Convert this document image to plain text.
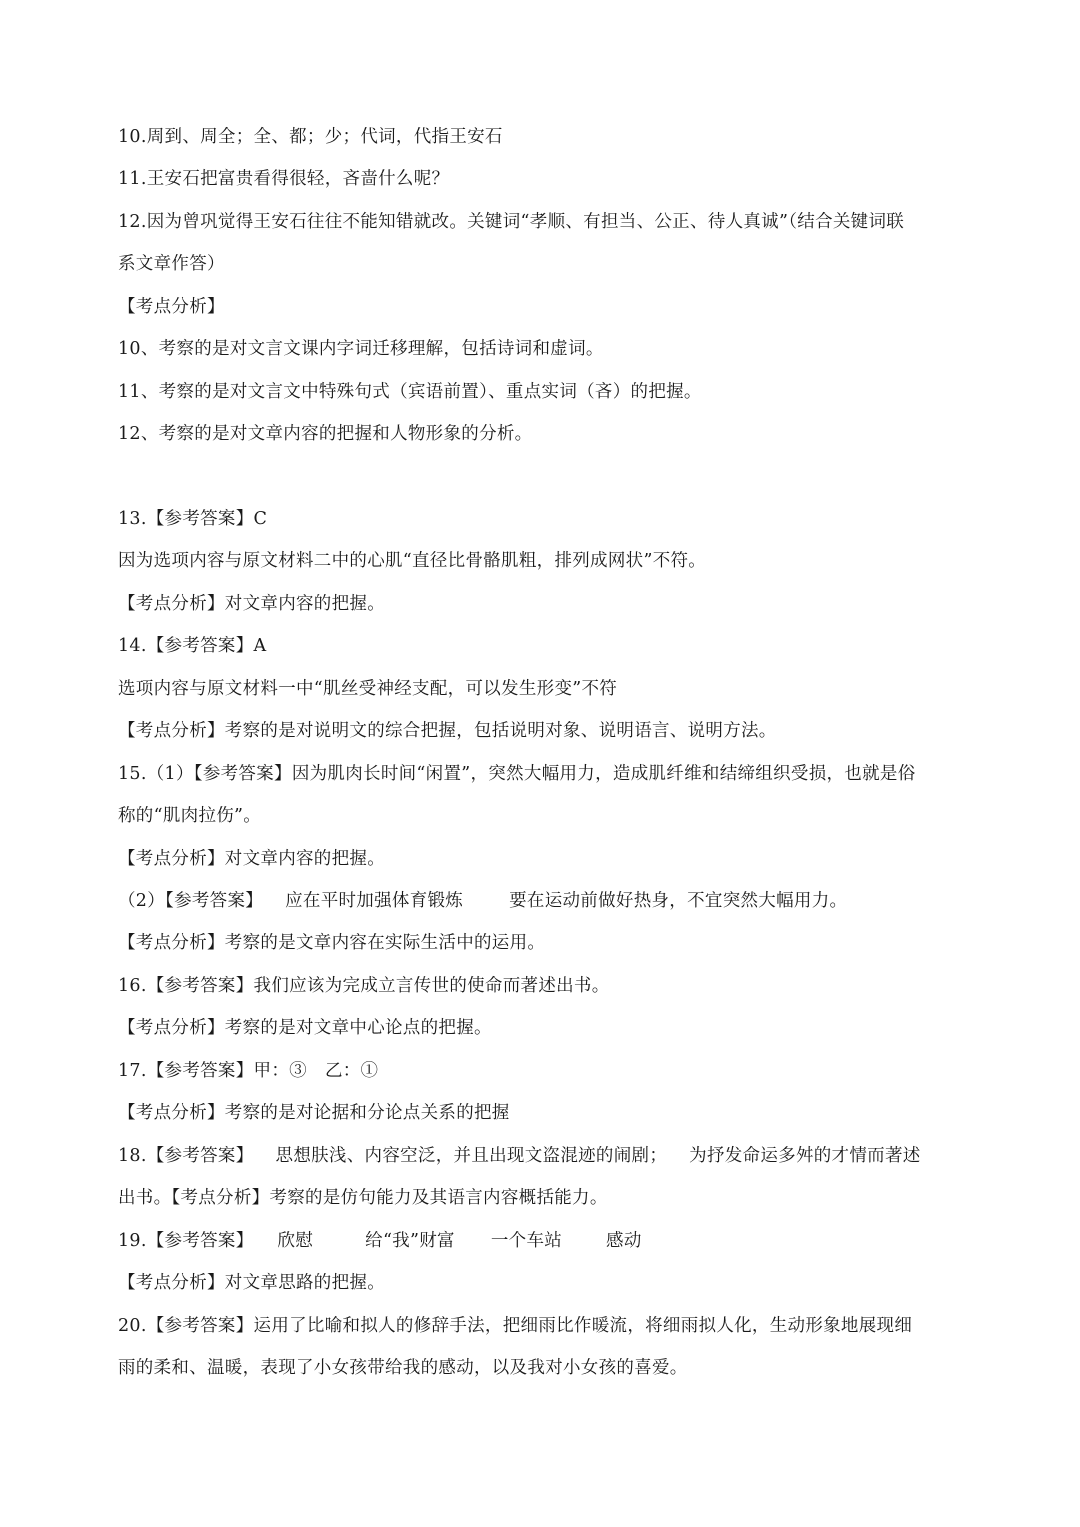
10.周到、周全；全、都；少；代词，代指王安石
11.王安石把富贵看得很轻，吝啬什么呢？
12.因为曾巩觉得王安石往往不能知错就改。关键词“孝顺、有担当、公正、待人真诚”（结合关键词联
系文章作答）
【考点分析】
10、考察的是对文言文课内字词迁移理解，包括诗词和虚词。
11、考察的是对文言文中特殊句式（宾语前置）、重点实词（吝）的把握。
12、考察的是对文章内容的把握和人物形象的分析。
13.【参考答案】C
因为选项内容与原文材料二中的心肌“直径比骨骼肌粗，排列成网状”不符。
【考点分析】对文章内容的把握。
14.【参考答案】A
选项内容与原文材料一中“肌丝受神经支配，可以发生形变”不符
【考点分析】考察的是对说明文的综合把握，包括说明对象、说明语言、说明方法。
15.（1）【参考答案】因为肌肉长时间“闲置”，突然大幅用力，造成肌纤维和结缔组织受损，也就是俗
称的“肌肉拉伤”。
【考点分析】对文章内容的把握。
（2）【参考答案】 应在平时加强体育锻炼	要在运动前做好热身，不宜突然大幅用力。
【考点分析】考察的是文章内容在实际生活中的运用。
16.【参考答案】我们应该为完成立言传世的使命而著述出书。
【考点分析】考察的是对文章中心论点的把握。
17.【参考答案】甲：③ 乙：①
【考点分析】考察的是对论据和分论点关系的把握
18.【参考答案】 思想肤浅、内容空泛，并且出现文盗混迹的闹剧； 为抒发命运多舛的才情而著述
出书。【考点分析】考察的是仿句能力及其语言内容概括能力。
19.【参考答案】 欣慰	给“我”财富 一个车站	感动
【考点分析】对文章思路的把握。
20.【参考答案】运用了比喻和拟人的修辞手法，把细雨比作暖流，将细雨拟人化，生动形象地展现细
雨的柔和、温暖，表现了小女孩带给我的感动，以及我对小女孩的喜爱。
